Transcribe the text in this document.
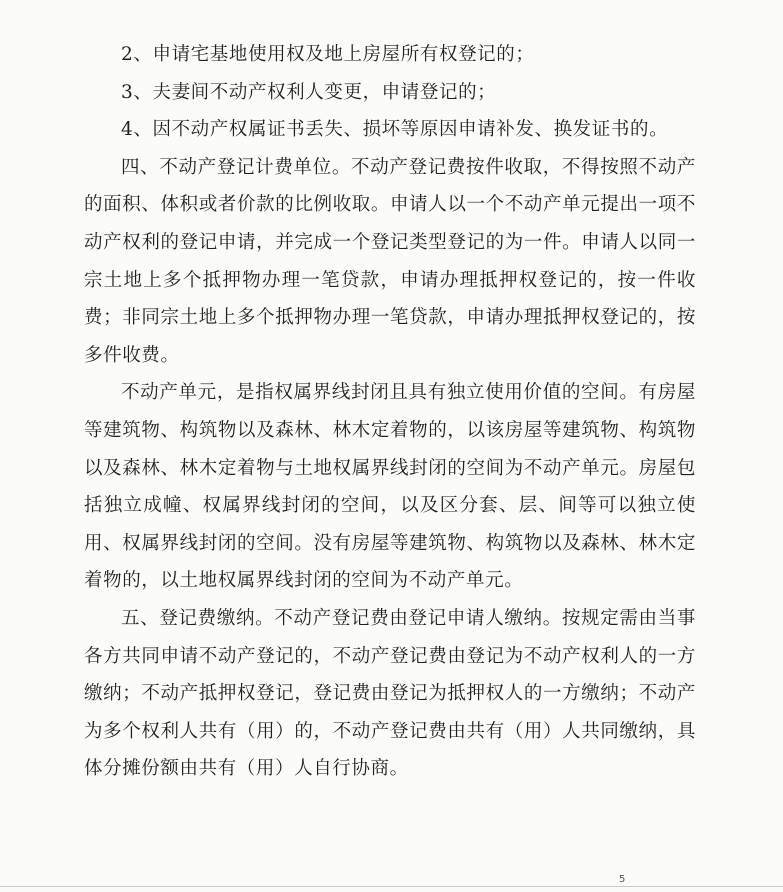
2、申请宅基地使用权及地上房屋所有权登记的；

3、夫妻间不动产权利人变更，申请登记的；

4、因不动产权属证书丢失、损坏等原因申请补发、换发证书的。

四、不动产登记计费单位。不动产登记费按件收取，不得按照不动产的面积、体积或者价款的比例收取。申请人以一个不动产单元提出一项不动产权利的登记申请，并完成一个登记类型登记的为一件。申请人以同一宗土地上多个抵押物办理一笔贷款，申请办理抵押权登记的，按一件收费；非同宗土地上多个抵押物办理一笔贷款，申请办理抵押权登记的，按多件收费。

不动产单元，是指权属界线封闭且具有独立使用价值的空间。有房屋等建筑物、构筑物以及森林、林木定着物的，以该房屋等建筑物、构筑物以及森林、林木定着物与土地权属界线封闭的空间为不动产单元。房屋包括独立成幢、权属界线封闭的空间，以及区分套、层、间等可以独立使用、权属界线封闭的空间。没有房屋等建筑物、构筑物以及森林、林木定着物的，以土地权属界线封闭的空间为不动产单元。

五、登记费缴纳。不动产登记费由登记申请人缴纳。按规定需由当事各方共同申请不动产登记的，不动产登记费由登记为不动产权利人的一方缴纳；不动产抵押权登记，登记费由登记为抵押权人的一方缴纳；不动产为多个权利人共有（用）的，不动产登记费由共有（用）人共同缴纳，具体分摊份额由共有（用）人自行协商。

5
